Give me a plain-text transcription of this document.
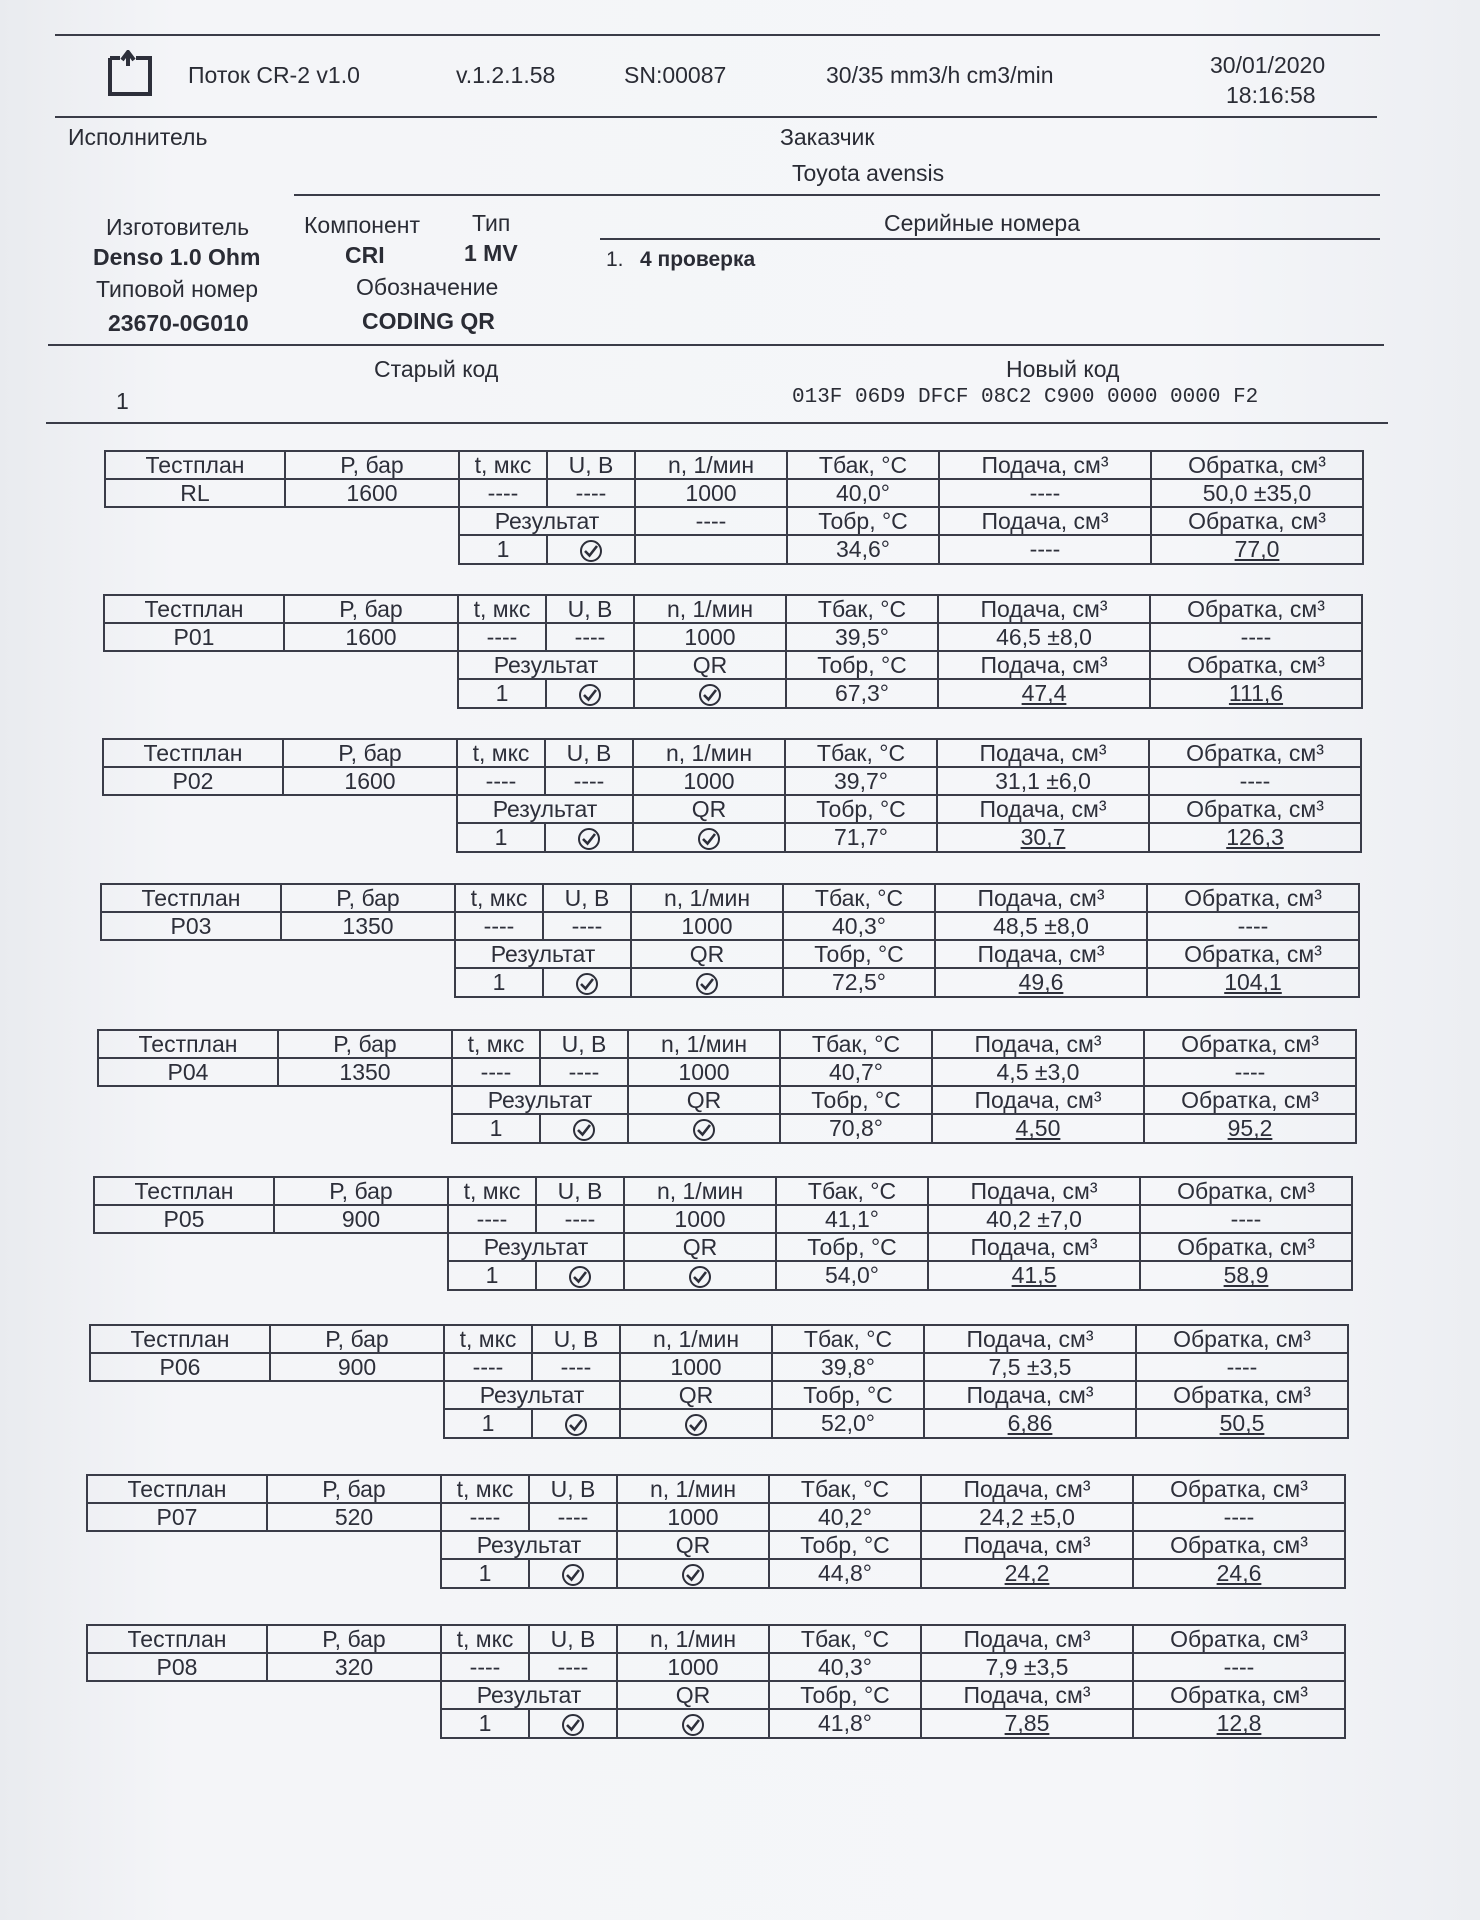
Поток CR-2 v1.0	v.1.2.1.58	SN:00087	30/35 mm3/h cm3/min	30/01/2020
18:16:58
Исполнитель	Заказчик
Toyota avensis
Изготовитель
Denso 1.0 Ohm
Компонент
CRI
Тип
1 MV
Серийные номера
1. 4 проверка
Типовой номер
23670-0G010
Обозначение
CODING QR
Старый код
1
Новый код
013F 06D9 DFCF 08C2 C900 0000 0000 F2
Тестплан	P, бар	t, мкс	U, В	n, 1/мин	Тбак, °С	Подача, см³	Обратка, см³
RL	1600	----	----	1000	40,0°	----	50,0 ±35,0
		Результат		----	Тобр, °С	Подача, см³	Обратка, см³
		1			34,6°	----	77,0
Тестплан	P, бар	t, мкс	U, В	n, 1/мин	Тбак, °С	Подача, см³	Обратка, см³
P01	1600	----	----	1000	39,5°	46,5 ±8,0	----
		Результат		QR	Тобр, °С	Подача, см³	Обратка, см³
		1			67,3°	47,4	111,6
Тестплан	P, бар	t, мкс	U, В	n, 1/мин	Тбак, °С	Подача, см³	Обратка, см³
P02	1600	----	----	1000	39,7°	31,1 ±6,0	----
		Результат		QR	Тобр, °С	Подача, см³	Обратка, см³
		1			71,7°	30,7	126,3
Тестплан	P, бар	t, мкс	U, В	n, 1/мин	Тбак, °С	Подача, см³	Обратка, см³
P03	1350	----	----	1000	40,3°	48,5 ±8,0	----
		Результат		QR	Тобр, °С	Подача, см³	Обратка, см³
		1			72,5°	49,6	104,1
Тестплан	P, бар	t, мкс	U, В	n, 1/мин	Тбак, °С	Подача, см³	Обратка, см³
P04	1350	----	----	1000	40,7°	4,5 ±3,0	----
		Результат		QR	Тобр, °С	Подача, см³	Обратка, см³
		1			70,8°	4,50	95,2
Тестплан	P, бар	t, мкс	U, В	n, 1/мин	Тбак, °С	Подача, см³	Обратка, см³
P05	900	----	----	1000	41,1°	40,2 ±7,0	----
		Результат		QR	Тобр, °С	Подача, см³	Обратка, см³
		1			54,0°	41,5	58,9
Тестплан	P, бар	t, мкс	U, В	n, 1/мин	Тбак, °С	Подача, см³	Обратка, см³
P06	900	----	----	1000	39,8°	7,5 ±3,5	----
		Результат		QR	Тобр, °С	Подача, см³	Обратка, см³
		1			52,0°	6,86	50,5
Тестплан	P, бар	t, мкс	U, В	n, 1/мин	Тбак, °С	Подача, см³	Обратка, см³
P07	520	----	----	1000	40,2°	24,2 ±5,0	----
		Результат		QR	Тобр, °С	Подача, см³	Обратка, см³
		1			44,8°	24,2	24,6
Тестплан	P, бар	t, мкс	U, В	n, 1/мин	Тбак, °С	Подача, см³	Обратка, см³
P08	320	----	----	1000	40,3°	7,9 ±3,5	----
		Результат		QR	Тобр, °С	Подача, см³	Обратка, см³
		1			41,8°	7,85	12,8
